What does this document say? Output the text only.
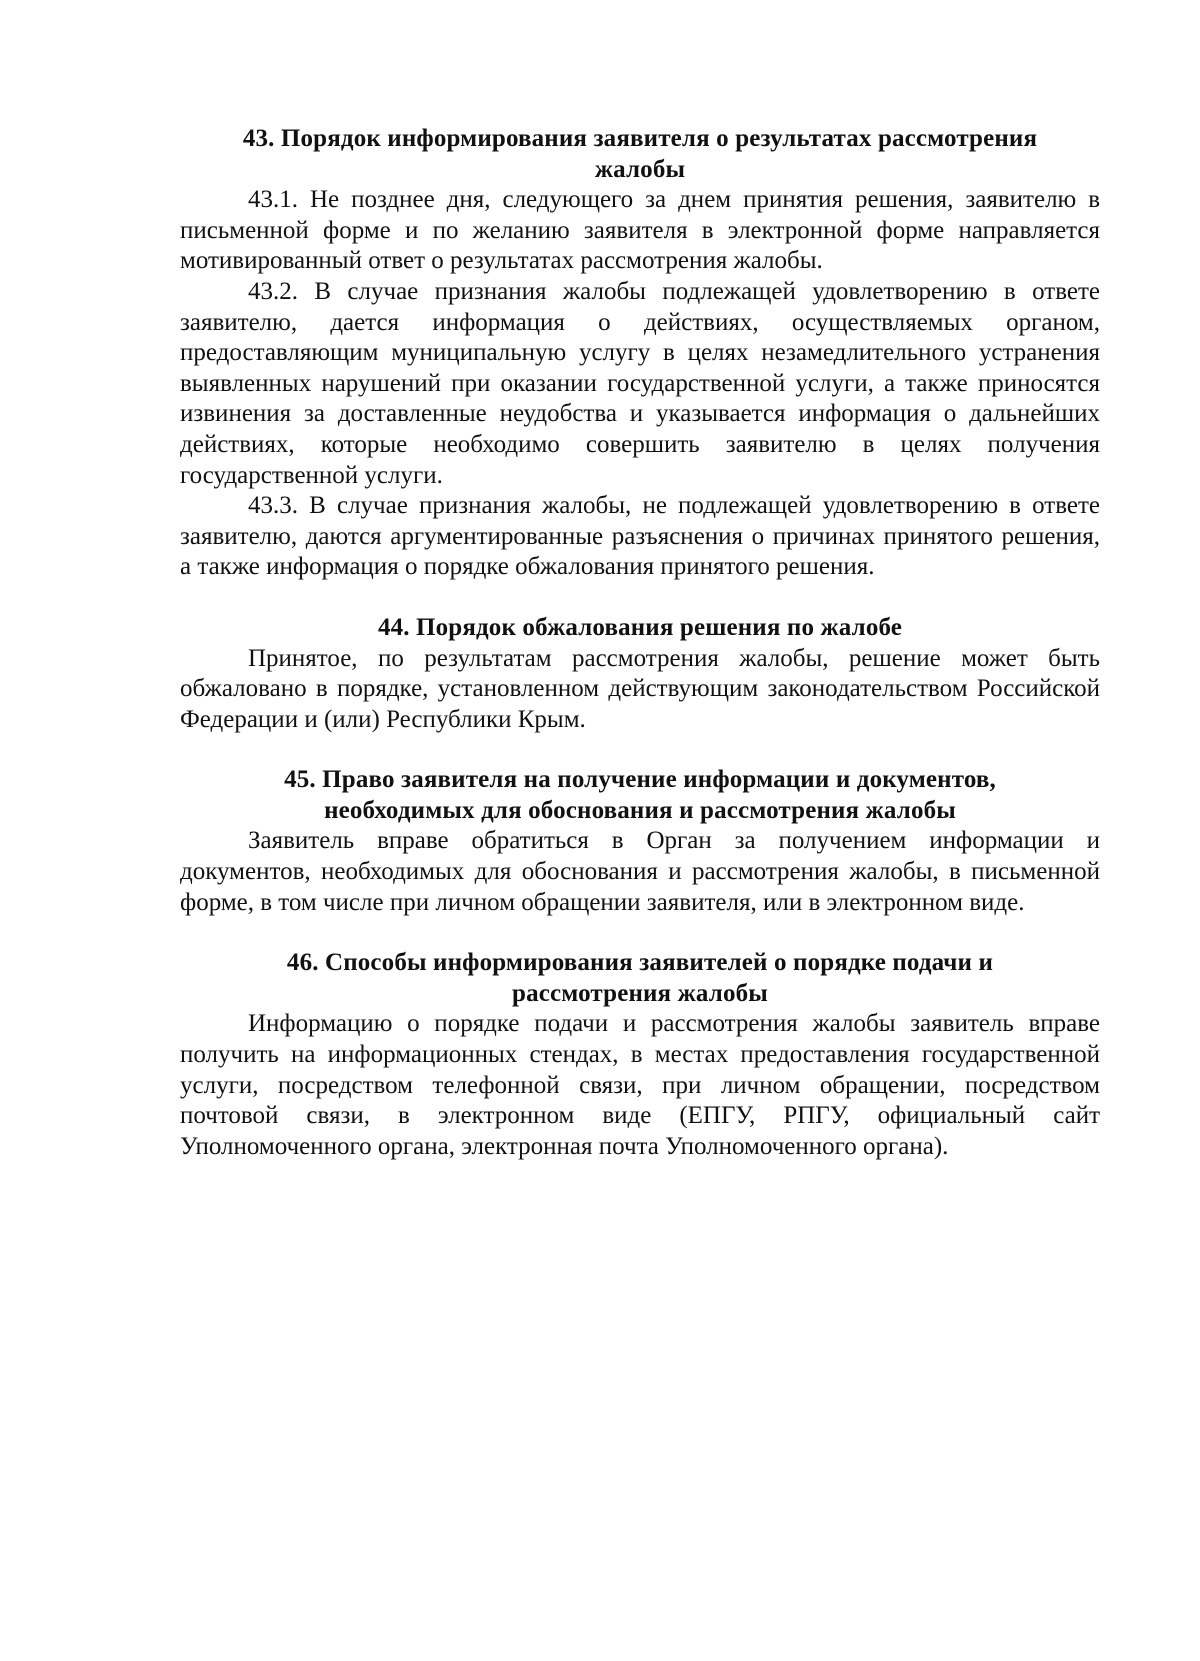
43. Порядок информирования заявителя о результатах рассмотрения
жалобы

43.1. Не позднее дня, следующего за днем принятия решения, заявителю в письменной форме и по желанию заявителя в электронной форме направляется мотивированный ответ о результатах рассмотрения жалобы.

43.2. В случае признания жалобы подлежащей удовлетворению в ответе заявителю, дается информация о действиях, осуществляемых органом, предоставляющим муниципальную услугу в целях незамедлительного устранения выявленных нарушений при оказании государственной услуги, а также приносятся извинения за доставленные неудобства и указывается информация о дальнейших действиях, которые необходимо совершить заявителю в целях получения государственной услуги.

43.3. В случае признания жалобы, не подлежащей удовлетворению в ответе заявителю, даются аргументированные разъяснения о причинах принятого решения, а также информация о порядке обжалования принятого решения.

44. Порядок обжалования решения по жалобе

Принятое, по результатам рассмотрения жалобы, решение может быть обжаловано в порядке, установленном действующим законодательством Российской Федерации и (или) Республики Крым.

45. Право заявителя на получение информации и документов,
необходимых для обоснования и рассмотрения жалобы

Заявитель вправе обратиться в Орган за получением информации и документов, необходимых для обоснования и рассмотрения жалобы, в письменной форме, в том числе при личном обращении заявителя, или в электронном виде.

46. Способы информирования заявителей о порядке подачи и
рассмотрения жалобы

Информацию о порядке подачи и рассмотрения жалобы заявитель вправе получить на информационных стендах, в местах предоставления государственной услуги, посредством телефонной связи, при личном обращении, посредством почтовой связи, в электронном виде (ЕПГУ, РПГУ, официальный сайт Уполномоченного органа, электронная почта Уполномоченного органа).
